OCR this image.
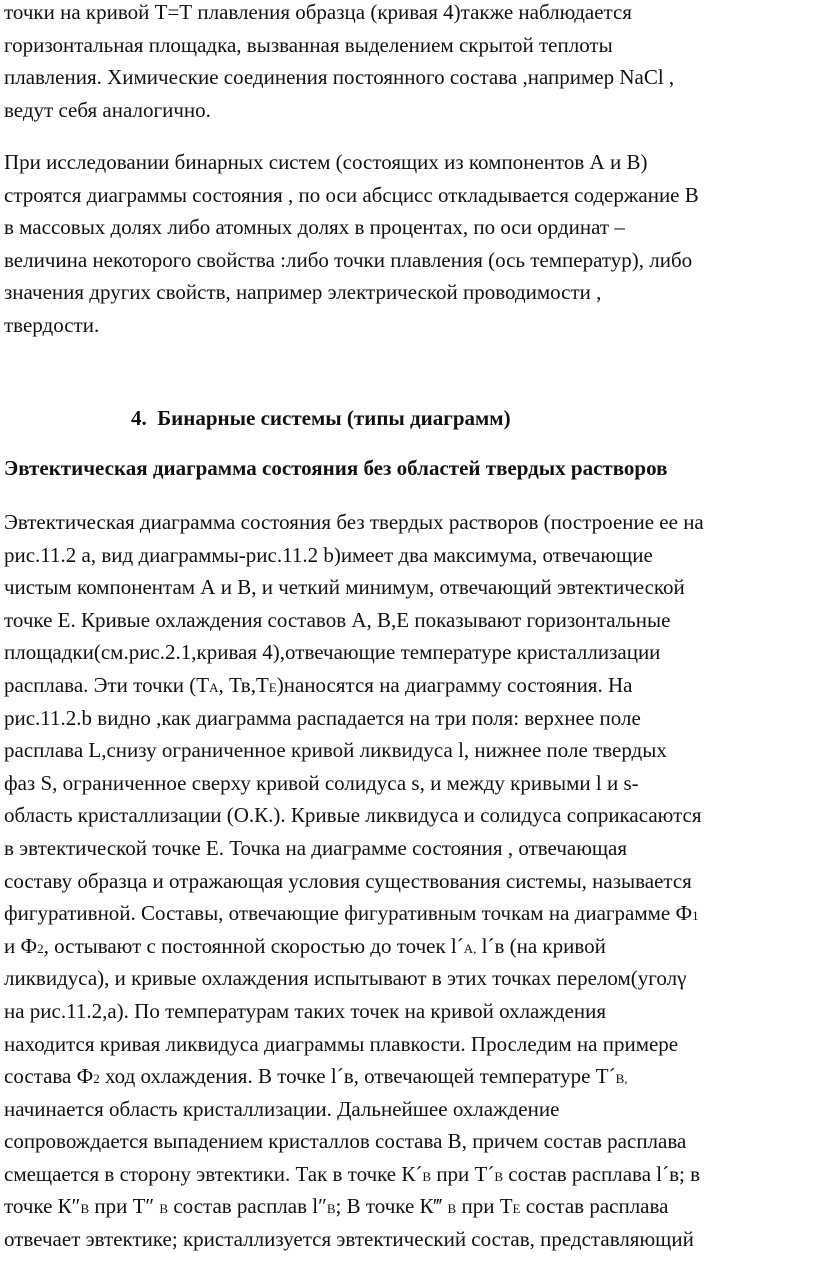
точки на кривой Т=Т плавления образца (кривая 4)также наблюдается
горизонтальная площадка, вызванная выделением скрытой теплоты
плавления. Химические соединения постоянного состава ,например NaCl ,
ведут себя аналогично.
При исследовании бинарных систем (состоящих из компонентов А и В)
строятся диаграммы состояния , по оси абсцисс откладывается содержание В
в массовых долях либо атомных долях в процентах, по оси ординат –
величина некоторого свойства :либо точки плавления (ось температур), либо
значения других свойств, например электрической проводимости ,
твердости.
4. Бинарные системы (типы диаграмм)
Эвтектическая диаграмма состояния без областей твердых растворов
Эвтектическая диаграмма состояния без твердых растворов (построение ее на
рис.11.2 а, вид диаграммы-рис.11.2 b)имеет два максимума, отвечающие
чистым компонентам А и В, и четкий минимум, отвечающий эвтектической
точке Е. Кривые охлаждения составов А, В,Е показывают горизонтальные
площадки(см.рис.2.1,кривая 4),отвечающие температуре кристаллизации
расплава. Эти точки (ТА, Тв,ТЕ)наносятся на диаграмму состояния. На
рис.11.2.b видно ,как диаграмма распадается на три поля: верхнее поле
расплава L,снизу ограниченное кривой ликвидуса l, нижнее поле твердых
фаз S, ограниченное сверху кривой солидуса s, и между кривыми l и s-
область кристаллизации (О.К.). Кривые ликвидуса и солидуса соприкасаются
в эвтектической точке Е. Точка на диаграмме состояния , отвечающая
составу образца и отражающая условия существования системы, называется
фигуративной. Составы, отвечающие фигуративным точкам на диаграмме Ф1
и Ф2, остывают с постоянной скоростью до точек l´А, l´в (на кривой
ликвидуса), и кривые охлаждения испытывают в этих точках перелом(уголγ
на рис.11.2,а). По температурам таких точек на кривой охлаждения
находится кривая ликвидуса диаграммы плавкости. Проследим на примере
состава Ф2 ход охлаждения. В точке l´в, отвечающей температуре Т´В,
начинается область кристаллизации. Дальнейшее охлаждение
сопровождается выпадением кристаллов состава В, причем состав расплава
смещается в сторону эвтектики. Так в точке К´В при Т´В состав расплава l´в; в
точке К″В при Т″ В состав расплав l″В; В точке К‴ В при ТЕ состав расплава
отвечает эвтектике; кристаллизуется эвтектический состав, представляющий
